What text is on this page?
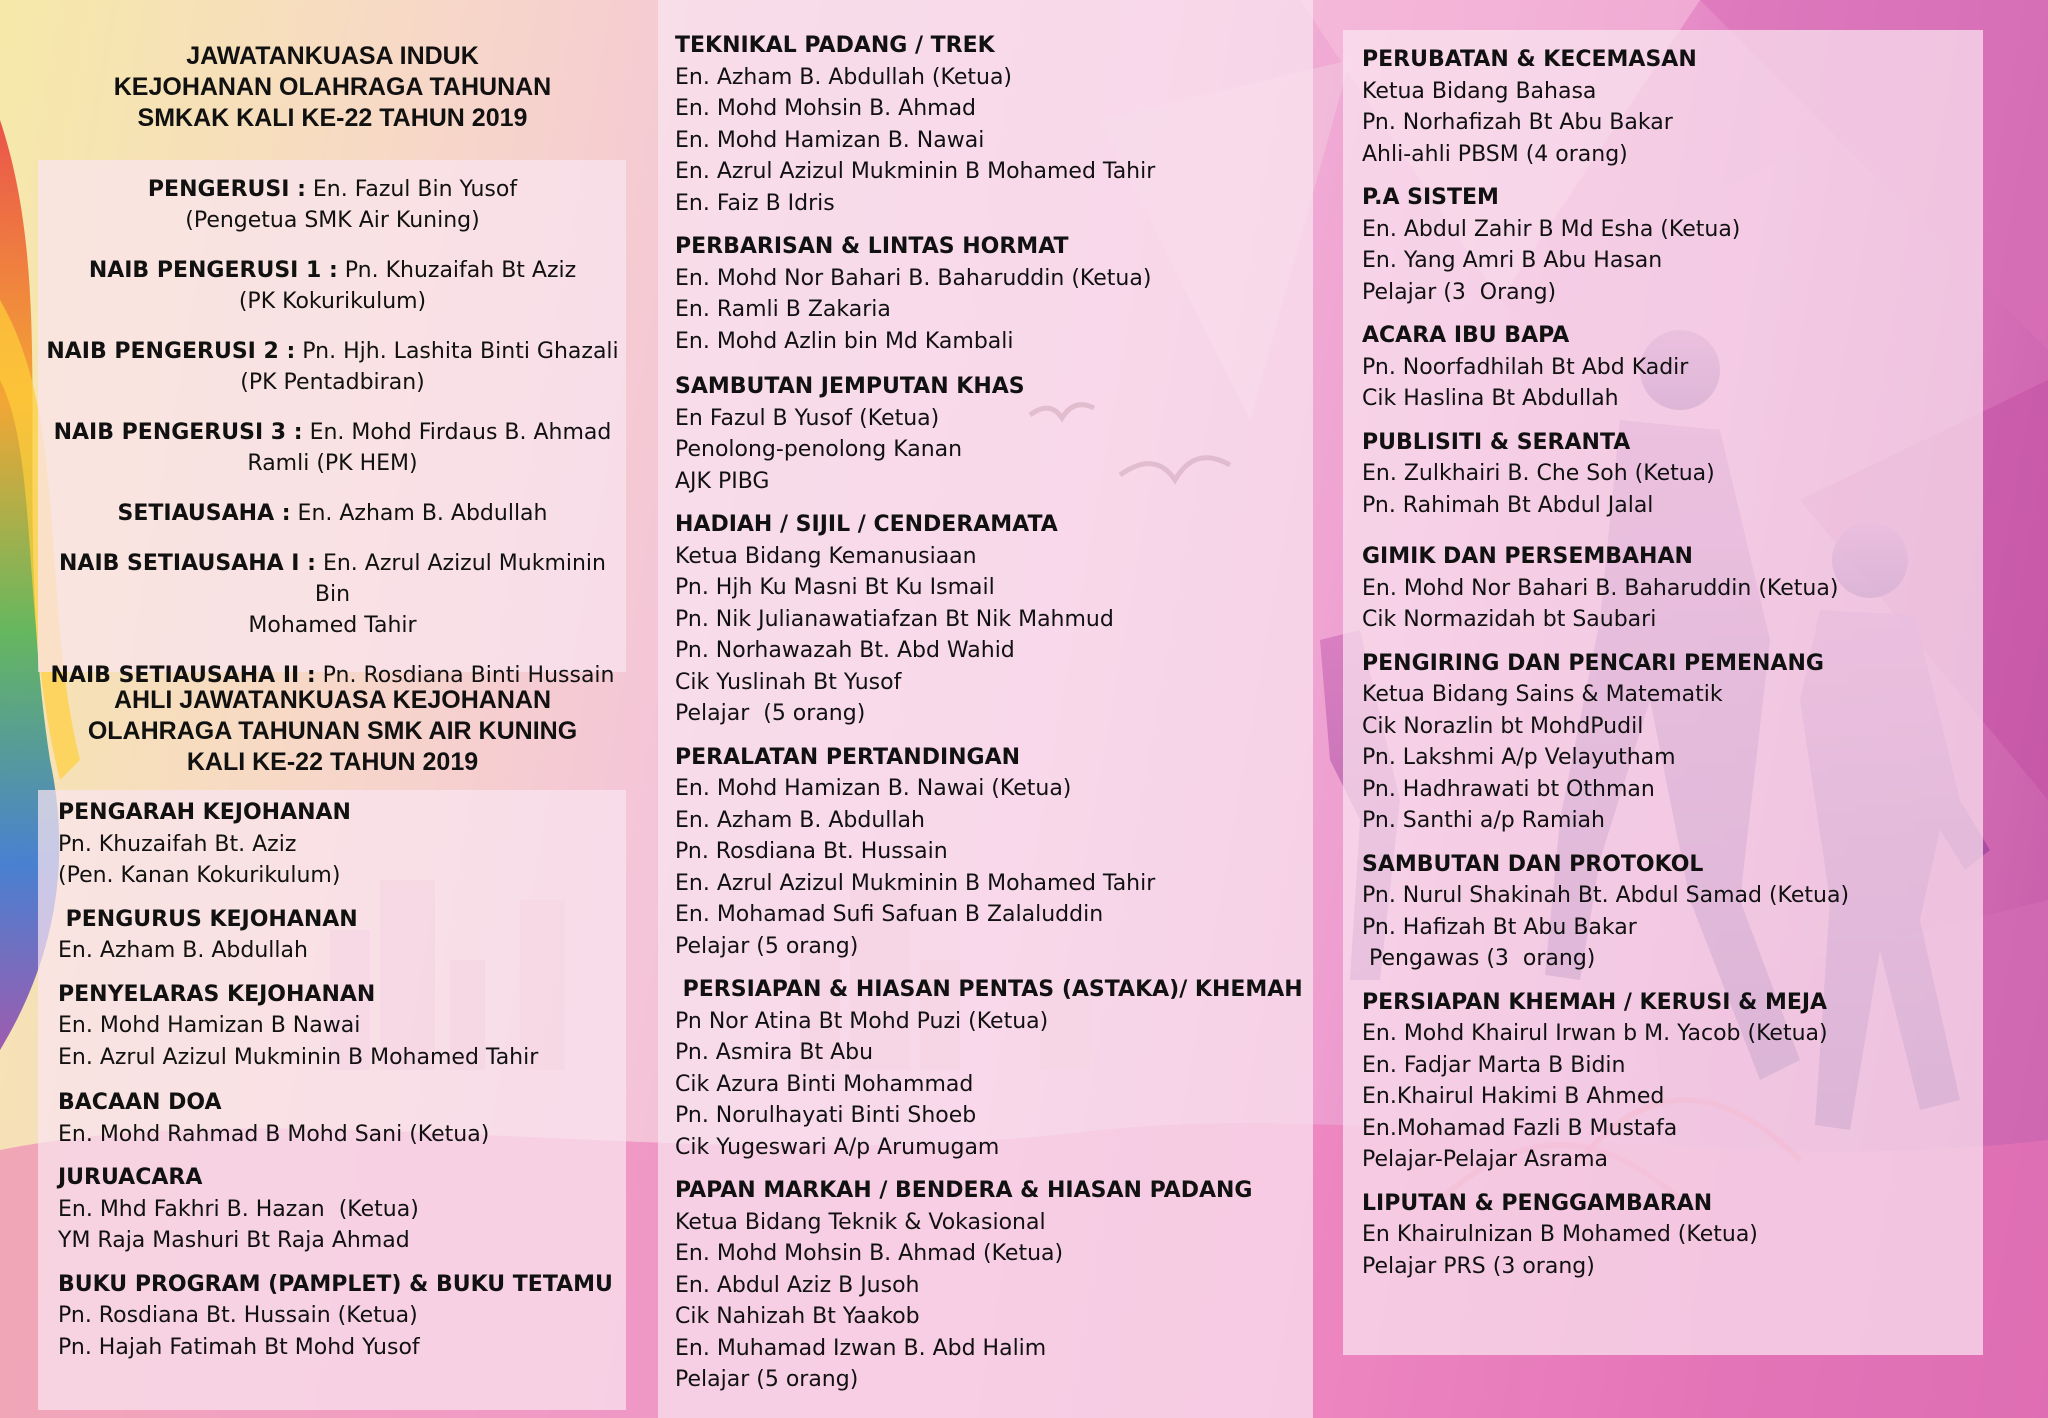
JAWATANKUASA INDUK
KEJOHANAN OLAHRAGA TAHUNAN
SMKAK KALI KE-22 TAHUN 2019
PENGERUSI : En. Fazul Bin Yusof
(Pengetua SMK Air Kuning)
NAIB PENGERUSI 1 : Pn. Khuzaifah Bt Aziz
(PK Kokurikulum)
NAIB PENGERUSI 2 : Pn. Hjh. Lashita Binti Ghazali
(PK Pentadbiran)
NAIB PENGERUSI 3 : En. Mohd Firdaus B. Ahmad
Ramli (PK HEM)
SETIAUSAHA : En. Azham B. Abdullah
NAIB SETIAUSAHA I : En. Azrul Azizul Mukminin Bin
Mohamed Tahir
NAIB SETIAUSAHA II : Pn. Rosdiana Binti Hussain
AHLI JAWATANKUASA KEJOHANAN
OLAHRAGA TAHUNAN SMK AIR KUNING
KALI KE-22 TAHUN 2019
PENGARAH KEJOHANAN
Pn. Khuzaifah Bt. Aziz
(Pen. Kanan Kokurikulum)
PENGURUS KEJOHANAN
En. Azham B. Abdullah
PENYELARAS KEJOHANAN
En. Mohd Hamizan B Nawai
En. Azrul Azizul Mukminin B Mohamed Tahir
BACAAN DOA
En. Mohd Rahmad B Mohd Sani (Ketua)
JURUACARA
En. Mhd Fakhri B. Hazan  (Ketua)
YM Raja Mashuri Bt Raja Ahmad
BUKU PROGRAM (PAMPLET) & BUKU TETAMU
Pn. Rosdiana Bt. Hussain (Ketua)
Pn. Hajah Fatimah Bt Mohd Yusof
TEKNIKAL PADANG / TREK
En. Azham B. Abdullah (Ketua)
En. Mohd Mohsin B. Ahmad
En. Mohd Hamizan B. Nawai
En. Azrul Azizul Mukminin B Mohamed Tahir
En. Faiz B Idris
PERBARISAN & LINTAS HORMAT
En. Mohd Nor Bahari B. Baharuddin (Ketua)
En. Ramli B Zakaria
En. Mohd Azlin bin Md Kambali
SAMBUTAN JEMPUTAN KHAS
En Fazul B Yusof (Ketua)
Penolong-penolong Kanan
AJK PIBG
HADIAH / SIJIL / CENDERAMATA
Ketua Bidang Kemanusiaan
Pn. Hjh Ku Masni Bt Ku Ismail
Pn. Nik Julianawatiafzan Bt Nik Mahmud
Pn. Norhawazah Bt. Abd Wahid
Cik Yuslinah Bt Yusof
Pelajar  (5 orang)
PERALATAN PERTANDINGAN
En. Mohd Hamizan B. Nawai (Ketua)
En. Azham B. Abdullah
Pn. Rosdiana Bt. Hussain
En. Azrul Azizul Mukminin B Mohamed Tahir
En. Mohamad Sufi Safuan B Zalaluddin
Pelajar (5 orang)
PERSIAPAN & HIASAN PENTAS (ASTAKA)/ KHEMAH
Pn Nor Atina Bt Mohd Puzi (Ketua)
Pn. Asmira Bt Abu
Cik Azura Binti Mohammad
Pn. Norulhayati Binti Shoeb
Cik Yugeswari A/p Arumugam
PAPAN MARKAH / BENDERA & HIASAN PADANG
Ketua Bidang Teknik & Vokasional
En. Mohd Mohsin B. Ahmad (Ketua)
En. Abdul Aziz B Jusoh
Cik Nahizah Bt Yaakob
En. Muhamad Izwan B. Abd Halim
Pelajar (5 orang)
PERUBATAN & KECEMASAN
Ketua Bidang Bahasa
Pn. Norhafizah Bt Abu Bakar
Ahli-ahli PBSM (4 orang)
P.A SISTEM
En. Abdul Zahir B Md Esha (Ketua)
En. Yang Amri B Abu Hasan
Pelajar (3  Orang)
ACARA IBU BAPA
Pn. Noorfadhilah Bt Abd Kadir
Cik Haslina Bt Abdullah
PUBLISITI & SERANTA
En. Zulkhairi B. Che Soh (Ketua)
Pn. Rahimah Bt Abdul Jalal
GIMIK DAN PERSEMBAHAN
En. Mohd Nor Bahari B. Baharuddin (Ketua)
Cik Normazidah bt Saubari
PENGIRING DAN PENCARI PEMENANG
Ketua Bidang Sains & Matematik
Cik Norazlin bt MohdPudil
Pn. Lakshmi A/p Velayutham
Pn. Hadhrawati bt Othman
Pn. Santhi a/p Ramiah
SAMBUTAN DAN PROTOKOL
Pn. Nurul Shakinah Bt. Abdul Samad (Ketua)
Pn. Hafizah Bt Abu Bakar
Pengawas (3  orang)
PERSIAPAN KHEMAH / KERUSI & MEJA
En. Mohd Khairul Irwan b M. Yacob (Ketua)
En. Fadjar Marta B Bidin
En.Khairul Hakimi B Ahmed
En.Mohamad Fazli B Mustafa
Pelajar-Pelajar Asrama
LIPUTAN & PENGGAMBARAN
En Khairulnizan B Mohamed (Ketua)
Pelajar PRS (3 orang)
